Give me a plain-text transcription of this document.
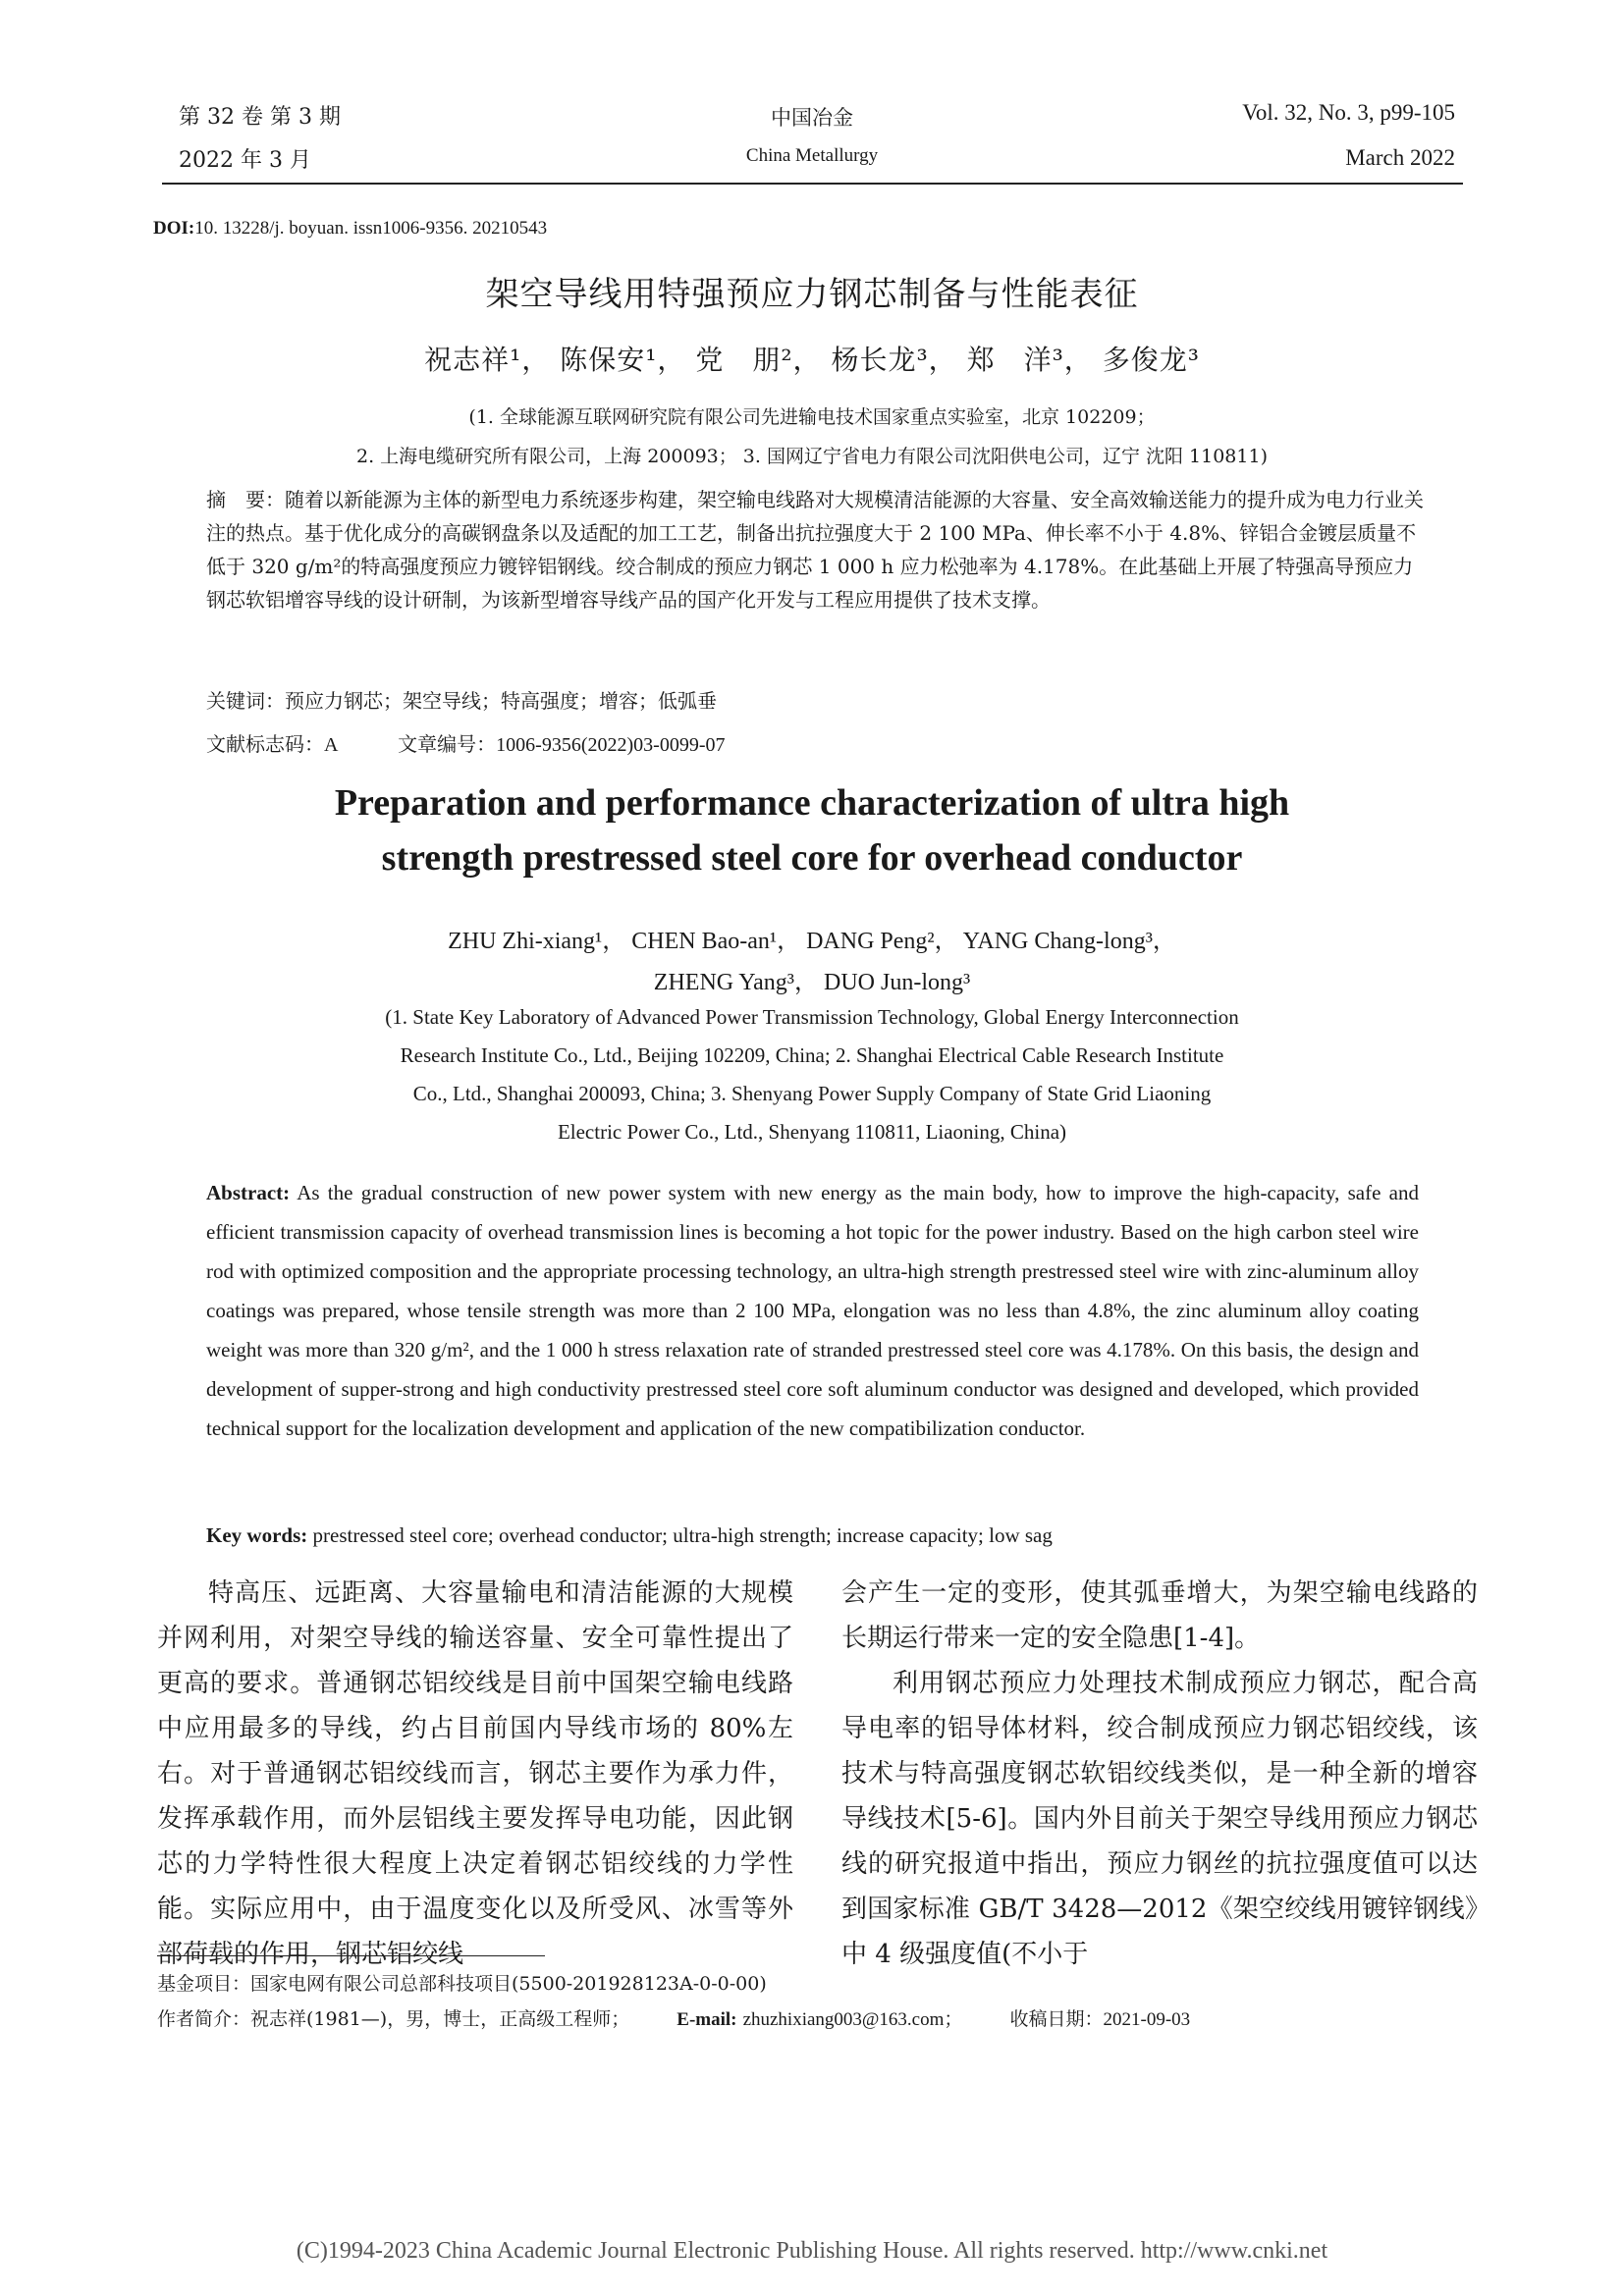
第 32 卷 第 3 期
2022 年 3 月
中国冶金
China Metallurgy
Vol. 32, No. 3, p99-105
March 2022
DOI:10. 13228/j. boyuan. issn1006-9356. 20210543
架空导线用特强预应力钢芯制备与性能表征
祝志祥¹， 陈保安¹， 党　朋²， 杨长龙³， 郑　洋³， 多俊龙³
(1. 全球能源互联网研究院有限公司先进输电技术国家重点实验室，北京 102209；
2. 上海电缆研究所有限公司，上海 200093； 3. 国网辽宁省电力有限公司沈阳供电公司，辽宁 沈阳 110811)
摘　要：随着以新能源为主体的新型电力系统逐步构建，架空输电线路对大规模清洁能源的大容量、安全高效输送能力的提升成为电力行业关注的热点。基于优化成分的高碳钢盘条以及适配的加工工艺，制备出抗拉强度大于 2 100 MPa、伸长率不小于 4.8%、锌铝合金镀层质量不低于 320 g/m²的特高强度预应力镀锌铝钢线。绞合制成的预应力钢芯 1 000 h 应力松弛率为 4.178%。在此基础上开展了特强高导预应力钢芯软铝增容导线的设计研制，为该新型增容导线产品的国产化开发与工程应用提供了技术支撑。
关键词：预应力钢芯；架空导线；特高强度；增容；低弧垂
文献标志码：A	文章编号：1006-9356(2022)03-0099-07
Preparation and performance characterization of ultra high
strength prestressed steel core for overhead conductor
ZHU Zhi-xiang¹， CHEN Bao-an¹， DANG Peng²， YANG Chang-long³，
ZHENG Yang³， DUO Jun-long³
(1. State Key Laboratory of Advanced Power Transmission Technology, Global Energy Interconnection
Research Institute Co., Ltd., Beijing 102209, China; 2. Shanghai Electrical Cable Research Institute
Co., Ltd., Shanghai 200093, China; 3. Shenyang Power Supply Company of State Grid Liaoning
Electric Power Co., Ltd., Shenyang 110811, Liaoning, China)
Abstract: As the gradual construction of new power system with new energy as the main body, how to improve the high-capacity, safe and efficient transmission capacity of overhead transmission lines is becoming a hot topic for the power industry. Based on the high carbon steel wire rod with optimized composition and the appropriate processing technology, an ultra-high strength prestressed steel wire with zinc-aluminum alloy coatings was prepared, whose tensile strength was more than 2 100 MPa, elongation was no less than 4.8%, the zinc aluminum alloy coating weight was more than 320 g/m², and the 1 000 h stress relaxation rate of stranded prestressed steel core was 4.178%. On this basis, the design and development of supper-strong and high conductivity prestressed steel core soft aluminum conductor was designed and developed, which provided technical support for the localization development and application of the new compatibilization conductor.
Key words: prestressed steel core; overhead conductor; ultra-high strength; increase capacity; low sag

特高压、远距离、大容量输电和清洁能源的大规模并网利用，对架空导线的输送容量、安全可靠性提出了更高的要求。普通钢芯铝绞线是目前中国架空输电线路中应用最多的导线，约占目前国内导线市场的 80%左右。对于普通钢芯铝绞线而言，钢芯主要作为承力件，发挥承载作用，而外层铝线主要发挥导电功能，因此钢芯的力学特性很大程度上决定着钢芯铝绞线的力学性能。实际应用中，由于温度变化以及所受风、冰雪等外部荷载的作用，钢芯铝绞线

会产生一定的变形，使其弧垂增大，为架空输电线路的长期运行带来一定的安全隐患[1-4]。

利用钢芯预应力处理技术制成预应力钢芯，配合高导电率的铝导体材料，绞合制成预应力钢芯铝绞线，该技术与特高强度钢芯软铝绞线类似，是一种全新的增容导线技术[5-6]。国内外目前关于架空导线用预应力钢芯线的研究报道中指出，预应力钢丝的抗拉强度值可以达到国家标准 GB/T 3428—2012《架空绞线用镀锌钢线》中 4 级强度值(不小于

基金项目：国家电网有限公司总部科技项目(5500-201928123A-0-0-00)
作者简介：祝志祥(1981—)，男，博士，正高级工程师；	E-mail: zhuzhixiang003@163.com；	收稿日期：2021-09-03
(C)1994-2023 China Academic Journal Electronic Publishing House. All rights reserved. http://www.cnki.net
